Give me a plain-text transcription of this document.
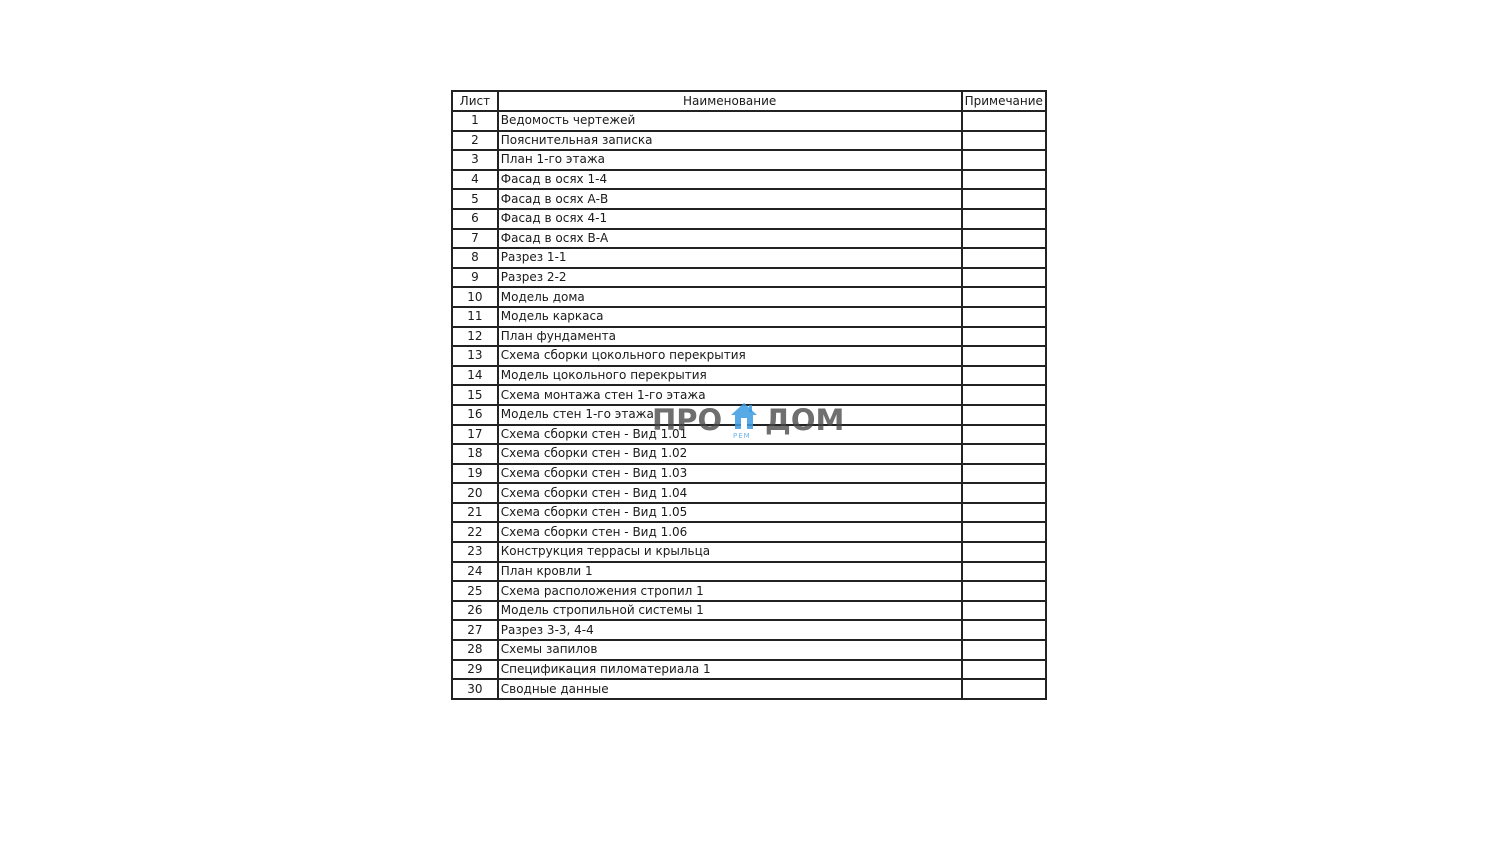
Лист	Наименование	Примечание
1	Ведомость чертежей	
2	Пояснительная записка	
3	План 1-го этажа	
4	Фасад в осях 1-4	
5	Фасад в осях А-В	
6	Фасад в осях 4-1	
7	Фасад в осях В-А	
8	Разрез 1-1	
9	Разрез 2-2	
10	Модель дома	
11	Модель каркаса	
12	План фундамента	
13	Схема сборки цокольного перекрытия	
14	Модель цокольного перекрытия	
15	Схема монтажа стен 1-го этажа	
16	Модель стен 1-го этажа	
17	Схема сборки стен - Вид 1.01	
18	Схема сборки стен - Вид 1.02	
19	Схема сборки стен - Вид 1.03	
20	Схема сборки стен - Вид 1.04	
21	Схема сборки стен - Вид 1.05	
22	Схема сборки стен - Вид 1.06	
23	Конструкция террасы и крыльца	
24	План кровли 1	
25	Схема расположения стропил 1	
26	Модель стропильной системы 1	
27	Разрез 3-3, 4-4	
28	Схемы запилов	
29	Спецификация пиломатериала 1	
30	Сводные данные	
ПРО ДОМ
РЕМ
